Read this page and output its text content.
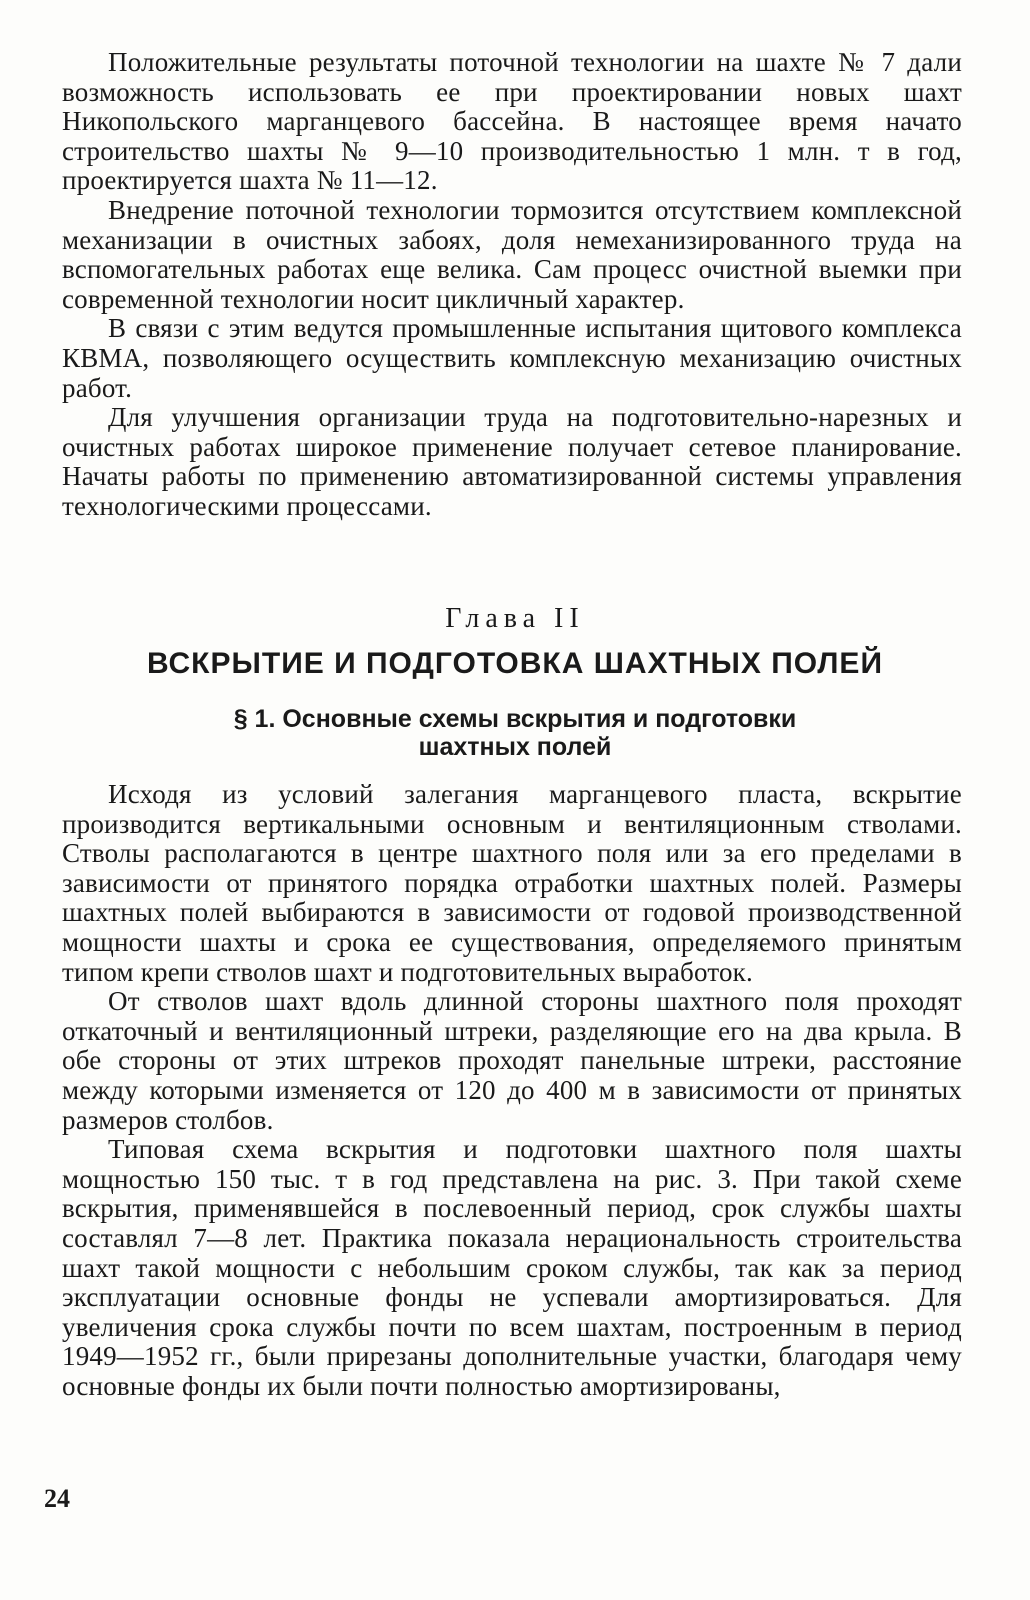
Положительные результаты поточной технологии на шахте № 7 дали возможность использовать ее при проектировании новых шахт Никопольского марганцевого бассейна. В настоящее время начато строительство шахты № 9—10 производительностью 1 млн. т в год, проектируется шахта № 11—12.

Внедрение поточной технологии тормозится отсутствием комплексной механизации в очистных забоях, доля немеханизированного труда на вспомогательных работах еще велика. Сам процесс очистной выемки при современной технологии носит цикличный характер.

В связи с этим ведутся промышленные испытания щитового комплекса КВМА, позволяющего осуществить комплексную механизацию очистных работ.

Для улучшения организации труда на подготовительно-нарезных и очистных работах широкое применение получает сетевое планирование. Начаты работы по применению автоматизированной системы управления технологическими процессами.

Глава II
ВСКРЫТИЕ И ПОДГОТОВКА ШАХТНЫХ ПОЛЕЙ
§ 1. Основные схемы вскрытия и подготовки шахтных полей

Исходя из условий залегания марганцевого пласта, вскрытие производится вертикальными основным и вентиляционным стволами. Стволы располагаются в центре шахтного поля или за его пределами в зависимости от принятого порядка отработки шахтных полей. Размеры шахтных полей выбираются в зависимости от годовой производственной мощности шахты и срока ее существования, определяемого принятым типом крепи стволов шахт и подготовительных выработок.

От стволов шахт вдоль длинной стороны шахтного поля проходят откаточный и вентиляционный штреки, разделяющие его на два крыла. В обе стороны от этих штреков проходят панельные штреки, расстояние между которыми изменяется от 120 до 400 м в зависимости от принятых размеров столбов.

Типовая схема вскрытия и подготовки шахтного поля шахты мощностью 150 тыс. т в год представлена на рис. 3. При такой схеме вскрытия, применявшейся в послевоенный период, срок службы шахты составлял 7—8 лет. Практика показала нерациональность строительства шахт такой мощности с небольшим сроком службы, так как за период эксплуатации основные фонды не успевали амортизироваться. Для увеличения срока службы почти по всем шахтам, построенным в период 1949—1952 гг., были прирезаны дополнительные участки, благодаря чему основные фонды их были почти полностью амортизированы,

24
